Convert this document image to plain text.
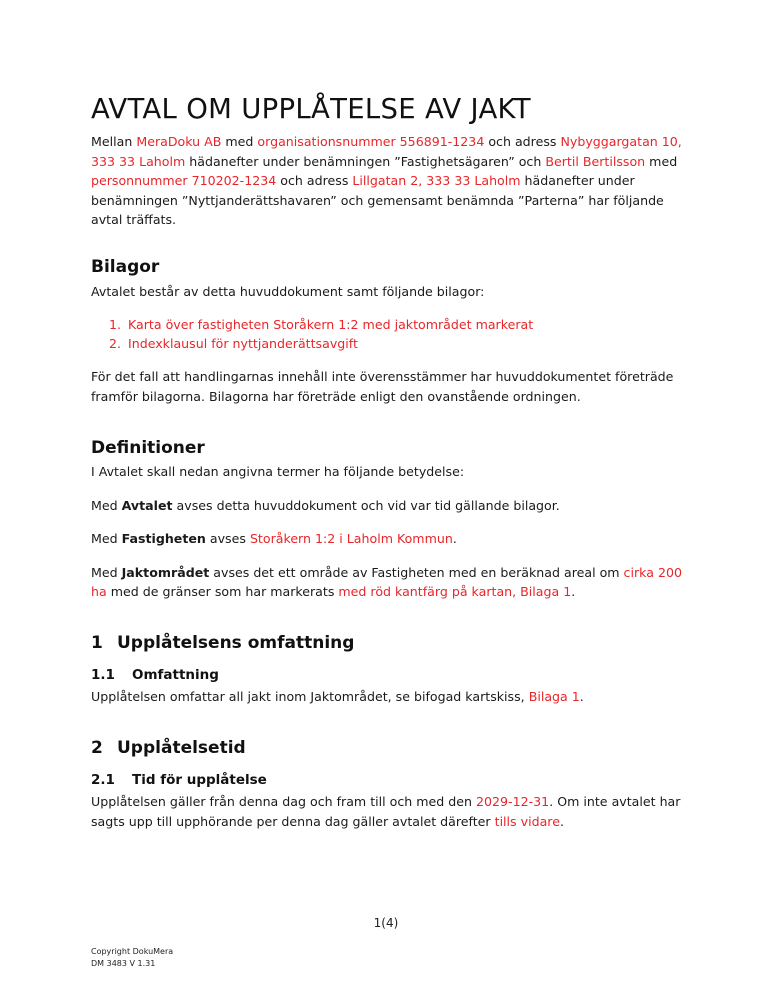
AVTAL OM UPPLÅTELSE AV JAKT

Mellan MeraDoku AB med organisationsnummer 556891-1234 och adress Nybyggargatan 10, 333 33 Laholm hädanefter under benämningen ”Fastighetsägaren” och Bertil Bertilsson med personnummer 710202-1234 och adress Lillgatan 2, 333 33 Laholm hädanefter under benämningen ”Nyttjanderättshavaren” och gemensamt benämnda ”Parterna” har följande avtal träffats.

Bilagor

Avtalet består av detta huvuddokument samt följande bilagor:

1. Karta över fastigheten Storåkern 1:2 med jaktområdet markerat
2. Indexklausul för nyttjanderättsavgift

För det fall att handlingarnas innehåll inte överensstämmer har huvuddokumentet företräde framför bilagorna. Bilagorna har företräde enligt den ovanstående ordningen.

Definitioner

I Avtalet skall nedan angivna termer ha följande betydelse:

Med Avtalet avses detta huvuddokument och vid var tid gällande bilagor.

Med Fastigheten avses Storåkern 1:2 i Laholm Kommun.

Med Jaktområdet avses det ett område av Fastigheten med en beräknad areal om cirka 200 ha med de gränser som har markerats med röd kantfärg på kartan, Bilaga 1.

1 Upplåtelsens omfattning
1.1 Omfattning

Upplåtelsen omfattar all jakt inom Jaktområdet, se bifogad kartskiss, Bilaga 1.

2 Upplåtelsetid
2.1 Tid för upplåtelse

Upplåtelsen gäller från denna dag och fram till och med den 2029-12-31. Om inte avtalet har sagts upp till upphörande per denna dag gäller avtalet därefter tills vidare.

1(4)
Copyright DokuMera
DM 3483 V 1.31
